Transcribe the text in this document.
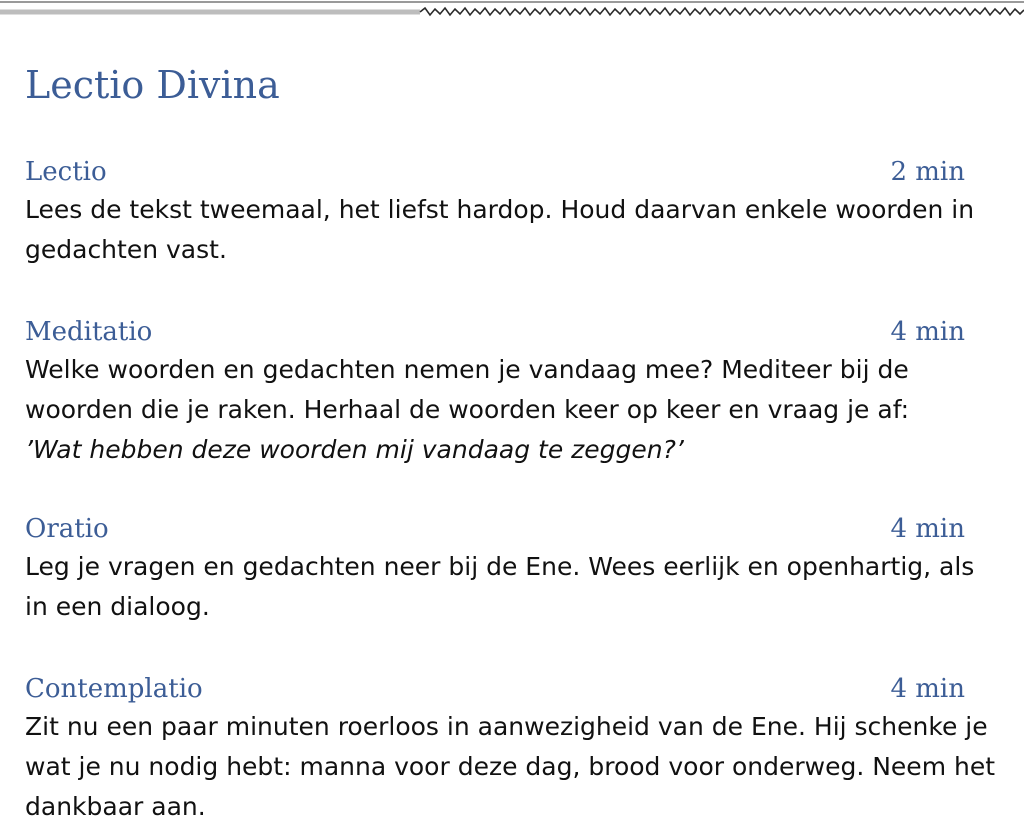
Lectio Divina
Lectio	2 min

Lees de tekst tweemaal, het liefst hardop. Houd daarvan enkele woorden in gedachten vast.

Meditatio	4 min

Welke woorden en gedachten nemen je vandaag mee? Mediteer bij de woorden die je raken. Herhaal de woorden keer op keer en vraag je af:
’Wat hebben deze woorden mij vandaag te zeggen?’

Oratio	4 min

Leg je vragen en gedachten neer bij de Ene. Wees eerlijk en openhartig, als in een dialoog.

Contemplatio	4 min

Zit nu een paar minuten roerloos in aanwezigheid van de Ene. Hij schenke je wat je nu nodig hebt: manna voor deze dag, brood voor onderweg. Neem het dankbaar aan.
